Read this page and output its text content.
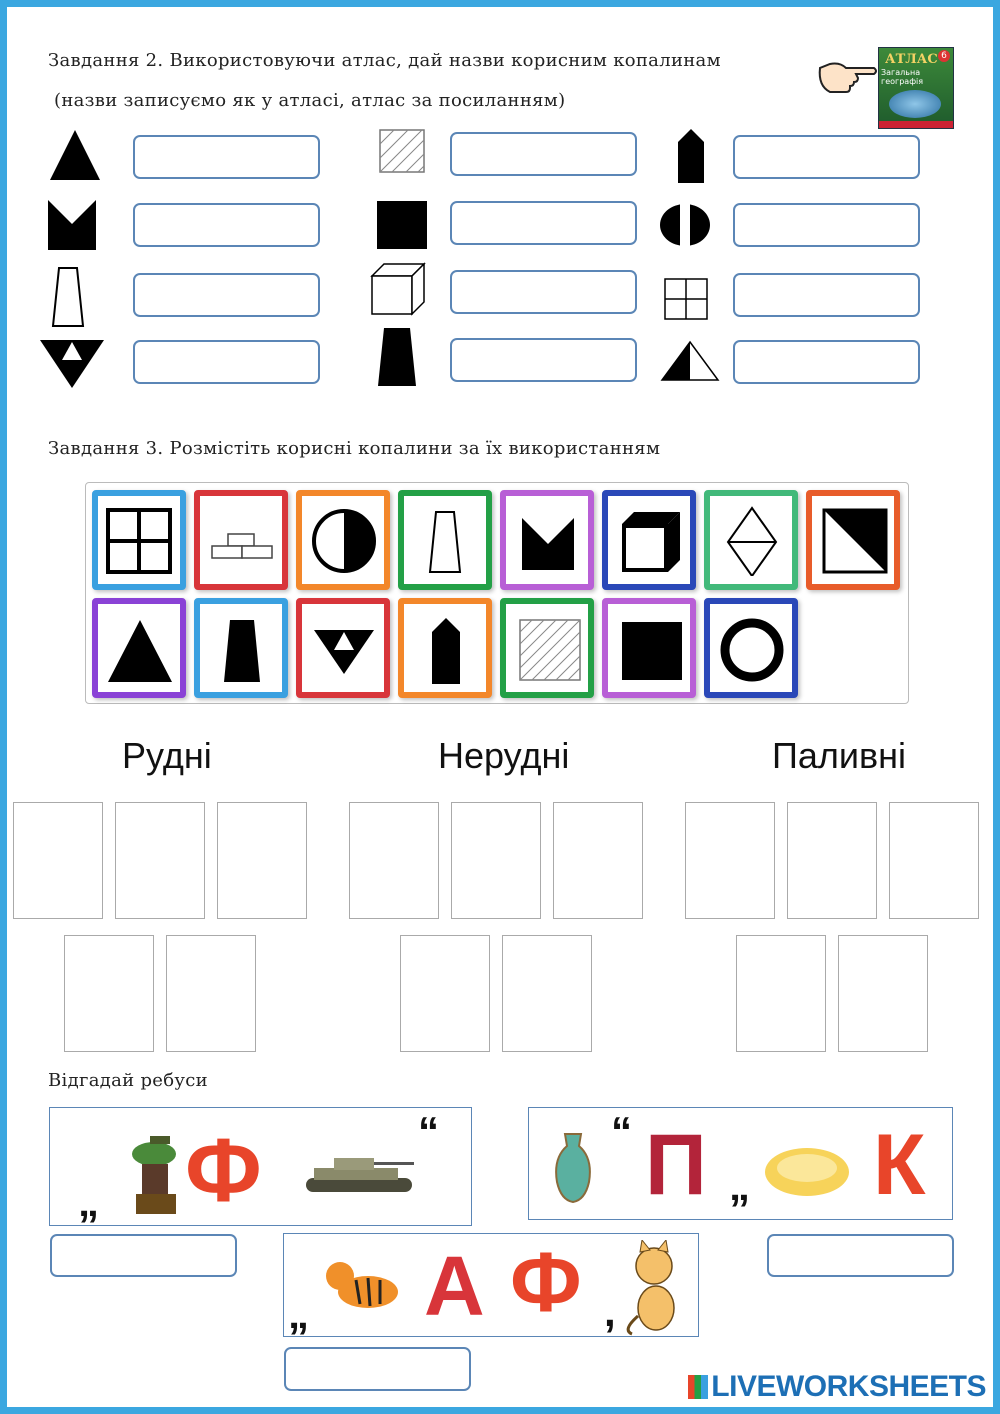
Завдання 2. Використовуючи атлас, дай назви корисним копалинам
(назви записуємо як у атласі, атлас за посиланням)
АТЛАС
Загальна географія
6
Завдання 3. Розмістіть корисні копалини за їх використанням
Рудні	Нерудні	Паливні
Відгадай ребуси
„ Ф	“	“ П „ К
„ А Ф ,
LIVEWORKSHEETS
